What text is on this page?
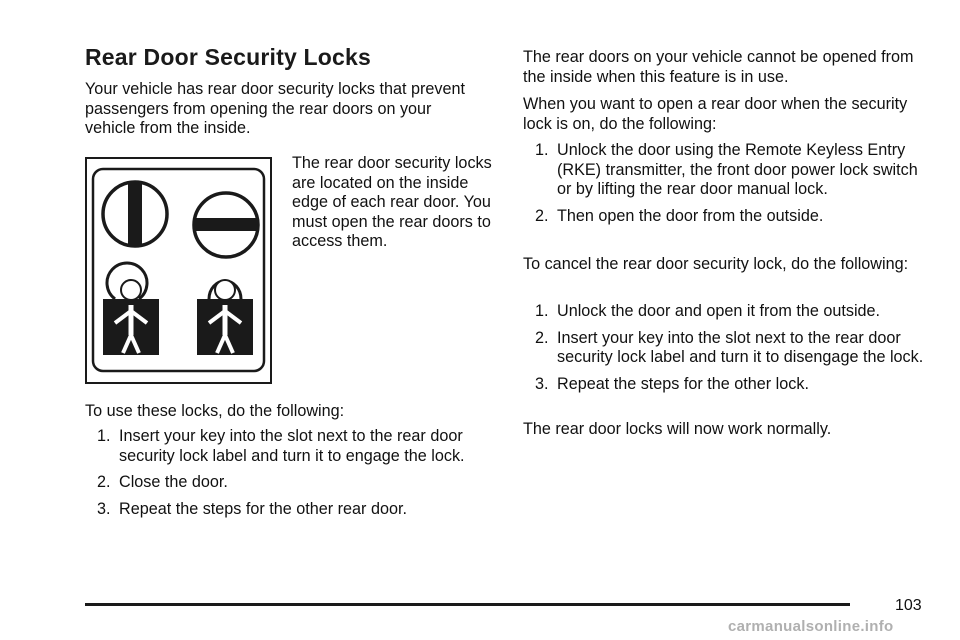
Rear Door Security Locks

Your vehicle has rear door security locks that prevent passengers from opening the rear doors on your vehicle from the inside.

The rear door security locks are located on the inside edge of each rear door. You must open the rear doors to access them.

To use these locks, do the following:

1. Insert your key into the slot next to the rear door security lock label and turn it to engage the lock.
2. Close the door.
3. Repeat the steps for the other rear door.

The rear doors on your vehicle cannot be opened from the inside when this feature is in use.

When you want to open a rear door when the security lock is on, do the following:

1. Unlock the door using the Remote Keyless Entry (RKE) transmitter, the front door power lock switch or by lifting the rear door manual lock.
2. Then open the door from the outside.

To cancel the rear door security lock, do the following:

1. Unlock the door and open it from the outside.
2. Insert your key into the slot next to the rear door security lock label and turn it to disengage the lock.
3. Repeat the steps for the other lock.

The rear door locks will now work normally.

103
carmanualsonline.info
